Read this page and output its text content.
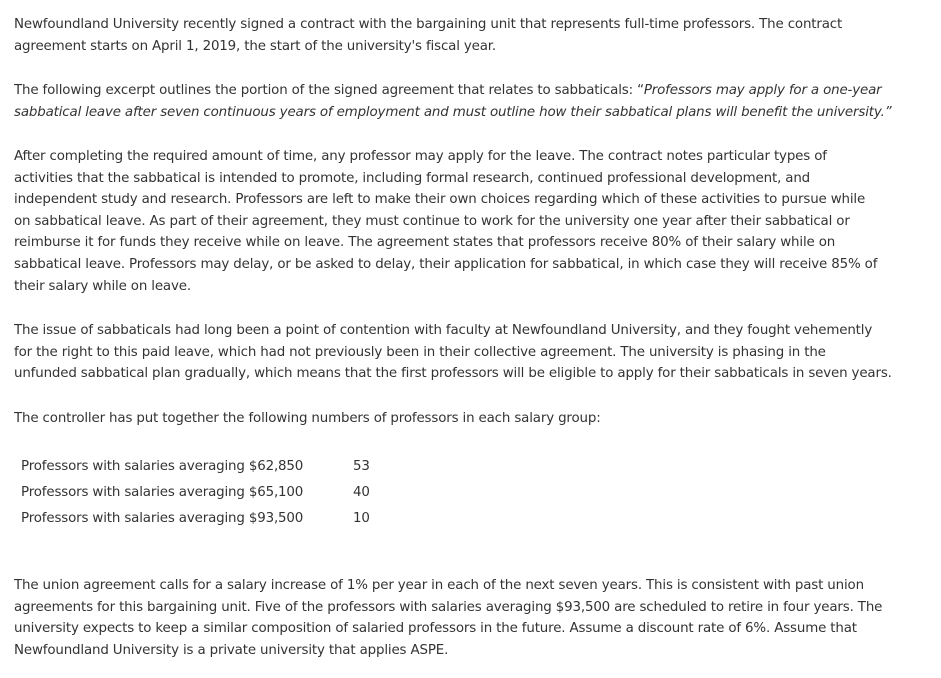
Newfoundland University recently signed a contract with the bargaining unit that represents full-time professors. The contract
agreement starts on April 1, 2019, the start of the university's fiscal year.

The following excerpt outlines the portion of the signed agreement that relates to sabbaticals: “Professors may apply for a one-year
sabbatical leave after seven continuous years of employment and must outline how their sabbatical plans will benefit the university.”

After completing the required amount of time, any professor may apply for the leave. The contract notes particular types of
activities that the sabbatical is intended to promote, including formal research, continued professional development, and
independent study and research. Professors are left to make their own choices regarding which of these activities to pursue while
on sabbatical leave. As part of their agreement, they must continue to work for the university one year after their sabbatical or
reimburse it for funds they receive while on leave. The agreement states that professors receive 80% of their salary while on
sabbatical leave. Professors may delay, or be asked to delay, their application for sabbatical, in which case they will receive 85% of
their salary while on leave.

The issue of sabbaticals had long been a point of contention with faculty at Newfoundland University, and they fought vehemently
for the right to this paid leave, which had not previously been in their collective agreement. The university is phasing in the
unfunded sabbatical plan gradually, which means that the first professors will be eligible to apply for their sabbaticals in seven years.

The controller has put together the following numbers of professors in each salary group:

Professors with salaries averaging $62,850	53
Professors with salaries averaging $65,100	40
Professors with salaries averaging $93,500	10

The union agreement calls for a salary increase of 1% per year in each of the next seven years. This is consistent with past union
agreements for this bargaining unit. Five of the professors with salaries averaging $93,500 are scheduled to retire in four years. The
university expects to keep a similar composition of salaried professors in the future. Assume a discount rate of 6%. Assume that
Newfoundland University is a private university that applies ASPE.
